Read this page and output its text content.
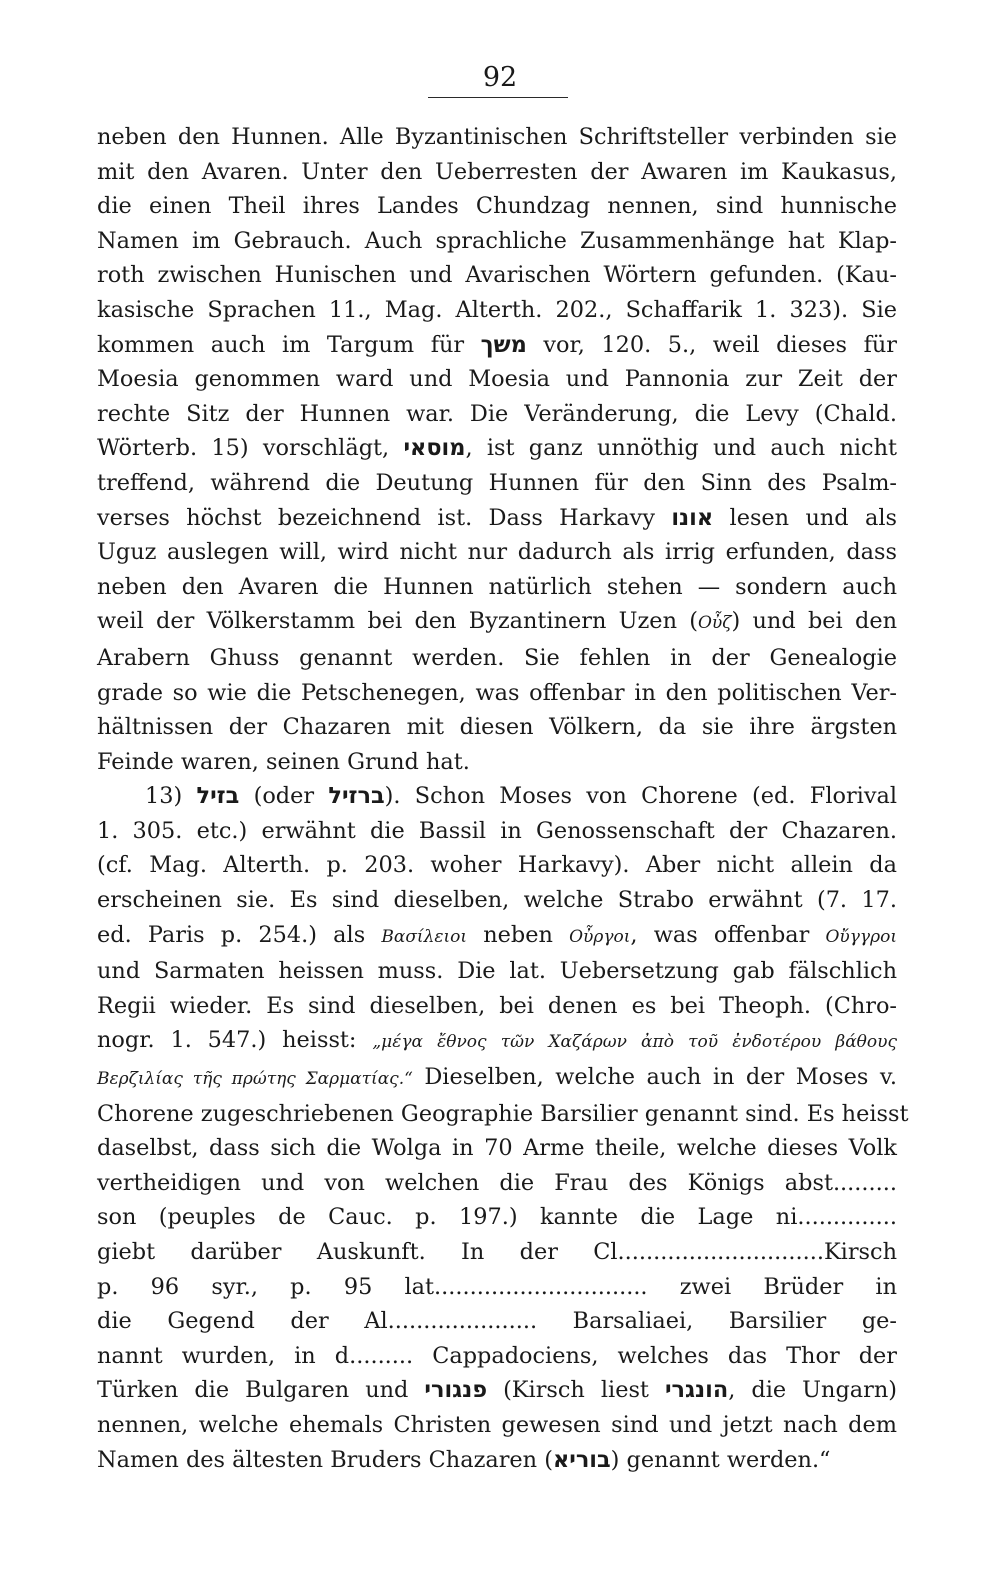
92
neben den Hunnen. Alle Byzantinischen Schriftsteller verbinden sie
mit den Avaren. Unter den Ueberresten der Awaren im Kaukasus,
die einen Theil ihres Landes Chundzag nennen, sind hunnische
Namen im Gebrauch. Auch sprachliche Zusammenhänge hat Klap-
roth zwischen Hunischen und Avarischen Wörtern gefunden. (Kau-
kasische Sprachen 11., Mag. Alterth. 202., Schaffarik 1. 323). Sie
kommen auch im Targum für משך vor, 120. 5., weil dieses für
Moesia genommen ward und Moesia und Pannonia zur Zeit der
rechte Sitz der Hunnen war. Die Veränderung, die Levy (Chald.
Wörterb. 15) vorschlägt, מוסאי, ist ganz unnöthig und auch nicht
treffend, während die Deutung Hunnen für den Sinn des Psalm-
verses höchst bezeichnend ist. Dass Harkavy אונו lesen und als
Uguz auslegen will, wird nicht nur dadurch als irrig erfunden, dass
neben den Avaren die Hunnen natürlich stehen — sondern auch
weil der Völkerstamm bei den Byzantinern Uzen (Οὖζ) und bei den
Arabern Ghuss genannt werden. Sie fehlen in der Genealogie
grade so wie die Petschenegen, was offenbar in den politischen Ver-
hältnissen der Chazaren mit diesen Völkern, da sie ihre ärgsten
Feinde waren, seinen Grund hat.
13) בזיל (oder ברזיל). Schon Moses von Chorene (ed. Florival
1. 305. etc.) erwähnt die Bassil in Genossenschaft der Chazaren.
(cf. Mag. Alterth. p. 203. woher Harkavy). Aber nicht allein da
erscheinen sie. Es sind dieselben, welche Strabo erwähnt (7. 17.
ed. Paris p. 254.) als Βασίλειοι neben Οὖργοι, was offenbar Οὔγγροι
und Sarmaten heissen muss. Die lat. Uebersetzung gab fälschlich
Regii wieder. Es sind dieselben, bei denen es bei Theoph. (Chro-
nogr. 1. 547.) heisst: „μέγα ἔθνος τῶν Χαζάρων ἀπὸ τοῦ ἐνδοτέρου βάθους
Βερζιλίας τῆς πρώτης Σαρματίας.“ Dieselben, welche auch in der Moses v.
Chorene zugeschriebenen Geographie Barsilier genannt sind. Es heisst
daselbst, dass sich die Wolga in 70 Arme theile, welche dieses Volk
vertheidigen und von welchen die Frau des Königs abst.........
son (peuples de Cauc. p. 197.) kannte die Lage ni..............
giebt darüber Auskunft. In der Cl.............................Kirsch
p. 96 syr., p. 95 lat.............................. zwei Brüder in
die Gegend der Al..................... Barsaliaei, Barsilier ge-
nannt wurden, in d......... Cappadociens, welches das Thor der
Türken die Bulgaren und פנגורי (Kirsch liest הונגרי, die Ungarn)
nennen, welche ehemals Christen gewesen sind und jetzt nach dem
Namen des ältesten Bruders Chazaren (בוריא) genannt werden.“
